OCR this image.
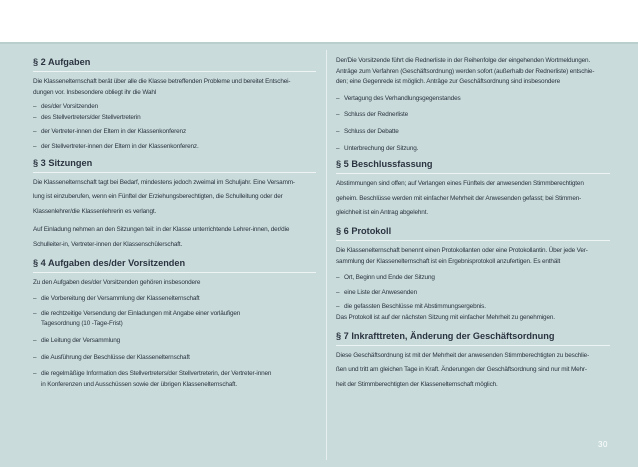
§ 2 Aufgaben

Die Klassenelternschaft berät über alle die Klasse betreffenden Probleme und bereitet Entschei-

dungen vor. Insbesondere obliegt ihr die Wahl

– des/der Vorsitzenden
– des Stellvertreters/der Stellvertreterin
– der Vertreter-innen der Eltern in der Klassenkonferenz
– der Stellvertreter-innen der Eltern in der Klassenkonferenz.
§ 3 Sitzungen

Die Klassenelternschaft tagt bei Bedarf, mindestens jedoch zweimal im Schuljahr. Eine Versamm-

lung ist einzuberufen, wenn ein Fünftel der Erziehungsberechtigten, die Schulleitung oder der

Klassenlehrer/die Klassenlehrerin es verlangt.

Auf Einladung nehmen an den Sitzungen teil: in der Klasse unterrichtende Lehrer-innen, der/die

Schulleiter-in, Vertreter-innen der Klassenschülerschaft.

§ 4 Aufgaben des/der Vorsitzenden

Zu den Aufgaben des/der Vorsitzenden gehören insbesondere

– die Vorbereitung der Versammlung der Klassenelternschaft
– die rechtzeitige Versendung der Einladungen mit Angabe einer vorläufigen
Tagesordnung (10 -Tage-Frist)
– die Leitung der Versammlung
– die Ausführung der Beschlüsse der Klassenelternschaft
– die regelmäßige Information des Stellvertreters/der Stellvertreterin, der Vertreter-innen
in Konferenzen und Ausschüssen sowie der übrigen Klassenelternschaft.

Der/Die Vorsitzende führt die Rednerliste in der Reihenfolge der eingehenden Wortmeldungen.

Anträge zum Verfahren (Geschäftsordnung) werden sofort (außerhalb der Rednerliste) entschie-

den; eine Gegenrede ist möglich. Anträge zur Geschäftsordnung sind insbesondere

– Vertagung des Verhandlungsgegenstandes
– Schluss der Rednerliste
– Schluss der Debatte
– Unterbrechung der Sitzung.
§ 5 Beschlussfassung

Abstimmungen sind offen; auf Verlangen eines Fünftels der anwesenden Stimmberechtigten

geheim. Beschlüsse werden mit einfacher Mehrheit der Anwesenden gefasst; bei Stimmen-

gleichheit ist ein Antrag abgelehnt.

§ 6 Protokoll

Die Klassenelternschaft benennt einen Protokollanten oder eine Protokollantin. Über jede Ver-

sammlung der Klassenelternschaft ist ein Ergebnisprotokoll anzufertigen. Es enthält

– Ort, Beginn und Ende der Sitzung
– eine Liste der Anwesenden
– die gefassten Beschlüsse mit Abstimmungsergebnis.

Das Protokoll ist auf der nächsten Sitzung mit einfacher Mehrheit zu genehmigen.

§ 7 Inkrafttreten, Änderung der Geschäftsordnung

Diese Geschäftsordnung ist mit der Mehrheit der anwesenden Stimmberechtigten zu beschlie-

ßen und tritt am gleichen Tage in Kraft. Änderungen der Geschäftsordnung sind nur mit Mehr-

heit der Stimmberechtigten der Klassenelternschaft möglich.

30
